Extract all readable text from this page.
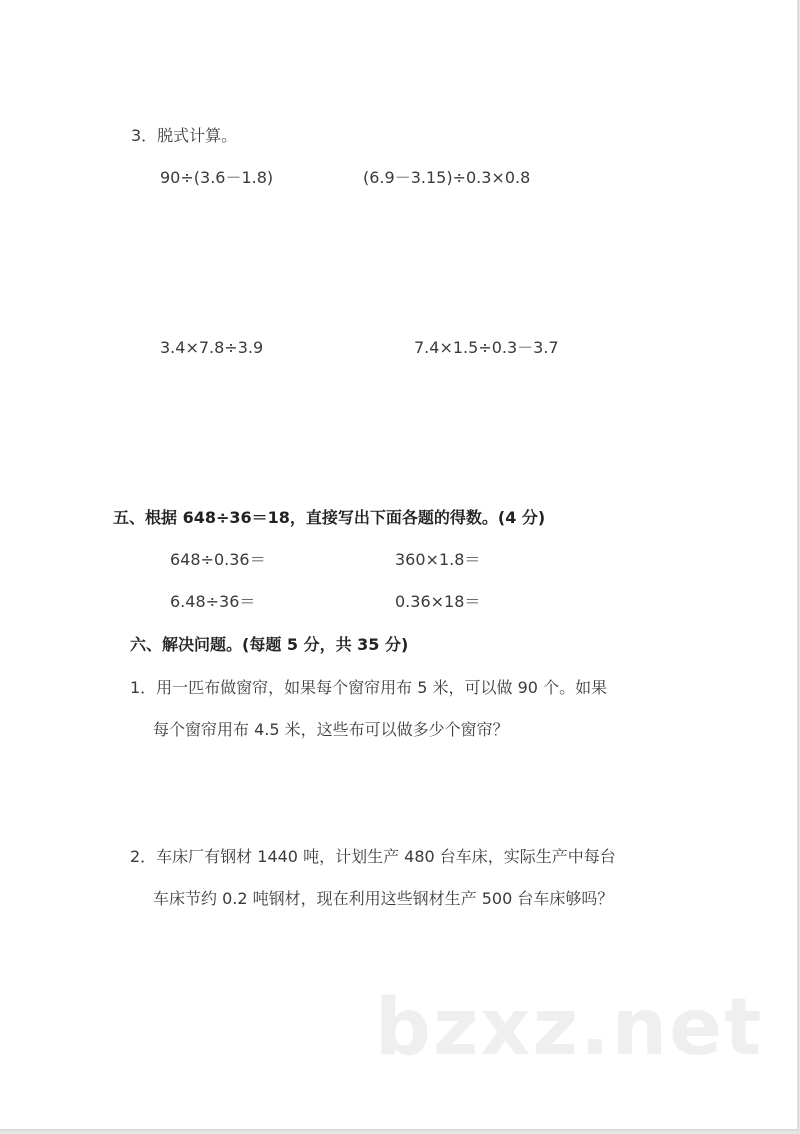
3．脱式计算。
90÷(3.6－1.8)	(6.9－3.15)÷0.3×0.8
3.4×7.8÷3.9	7.4×1.5÷0.3－3.7
五、根据 648÷36＝18，直接写出下面各题的得数。(4 分)
648÷0.36＝	360×1.8＝
6.48÷36＝	0.36×18＝
六、解决问题。(每题 5 分，共 35 分)
1．用一匹布做窗帘，如果每个窗帘用布 5 米，可以做 90 个。如果
每个窗帘用布 4.5 米，这些布可以做多少个窗帘？
2．车床厂有钢材 1440 吨，计划生产 480 台车床，实际生产中每台
车床节约 0.2 吨钢材，现在利用这些钢材生产 500 台车床够吗？
bzxz.net
